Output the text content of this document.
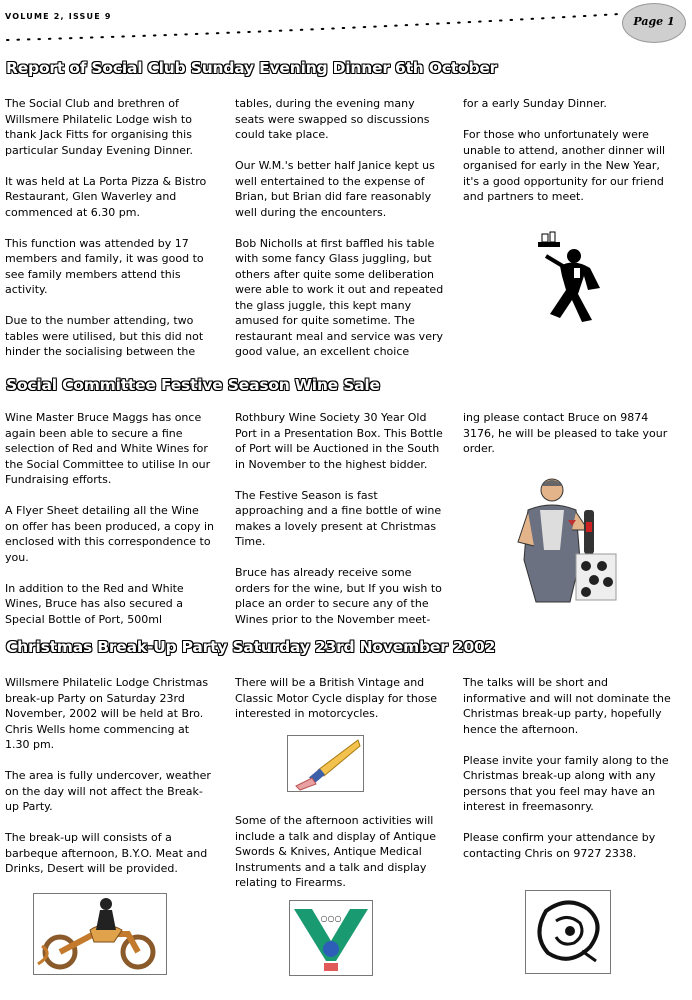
VOLUME 2, ISSUE 9	Page 1
Report of Social Club Sunday Evening Dinner 6th October

The Social Club and brethren of Willsmere Philatelic Lodge wish to thank Jack Fitts for organising this particular Sunday Evening Dinner.

It was held at La Porta Pizza & Bistro Restaurant, Glen Waverley and commenced at 6.30 pm.

This function was attended by 17 members and family, it was good to see family members attend this activity.

Due to the number attending, two tables were utilised, but this did not hinder the socialising between the

tables, during the evening many seats were swapped so discussions could take place.

Our W.M.'s better half Janice kept us well entertained to the expense of Brian, but Brian did fare reasonably well during the encounters.

Bob Nicholls at first baffled his table with some fancy Glass juggling, but others after quite some deliberation were able to work it out and repeated the glass juggle, this kept many amused for quite sometime. The restaurant meal and service was very good value, an excellent choice

for a early Sunday Dinner.

For those who unfortunately were unable to attend, another dinner will organised for early in the New Year, it's a good opportunity for our friend and partners to meet.

Social Committee Festive Season Wine Sale

Wine Master Bruce Maggs has once again been able to secure a fine selection of Red and White Wines for the Social Committee to utilise In our Fundraising efforts.

A Flyer Sheet detailing all the Wine on offer has been produced, a copy in enclosed with this correspondence to you.

In addition to the Red and White Wines, Bruce has also secured a Special Bottle of Port, 500ml

Rothbury Wine Society 30 Year Old Port in a Presentation Box. This Bottle of Port will be Auctioned in the South in November to the highest bidder.

The Festive Season is fast approaching and a fine bottle of wine makes a lovely present at Christmas Time.

Bruce has already receive some orders for the wine, but If you wish to place an order to secure any of the Wines prior to the November meet-

ing please contact Bruce on 9874 3176, he will be pleased to take your order.

Christmas Break-Up Party Saturday 23rd November 2002

Willsmere Philatelic Lodge Christmas break-up Party on Saturday 23rd November, 2002 will be held at Bro. Chris Wells home commencing at 1.30 pm.

The area is fully undercover, weather on the day will not affect the Break-up Party.

The break-up will consists of a barbeque afternoon, B.Y.O. Meat and Drinks, Desert will be provided.

There will be a British Vintage and Classic Motor Cycle display for those interested in motorcycles.

Some of the afternoon activities will include a talk and display of Antique Swords & Knives, Antique Medical Instruments and a talk and display relating to Firearms.

The talks will be short and informative and will not dominate the Christmas break-up party, hopefully hence the afternoon.

Please invite your family along to the Christmas break-up along with any persons that you feel may have an interest in freemasonry.

Please confirm your attendance by contacting Chris on 9727 2338.

○○○
